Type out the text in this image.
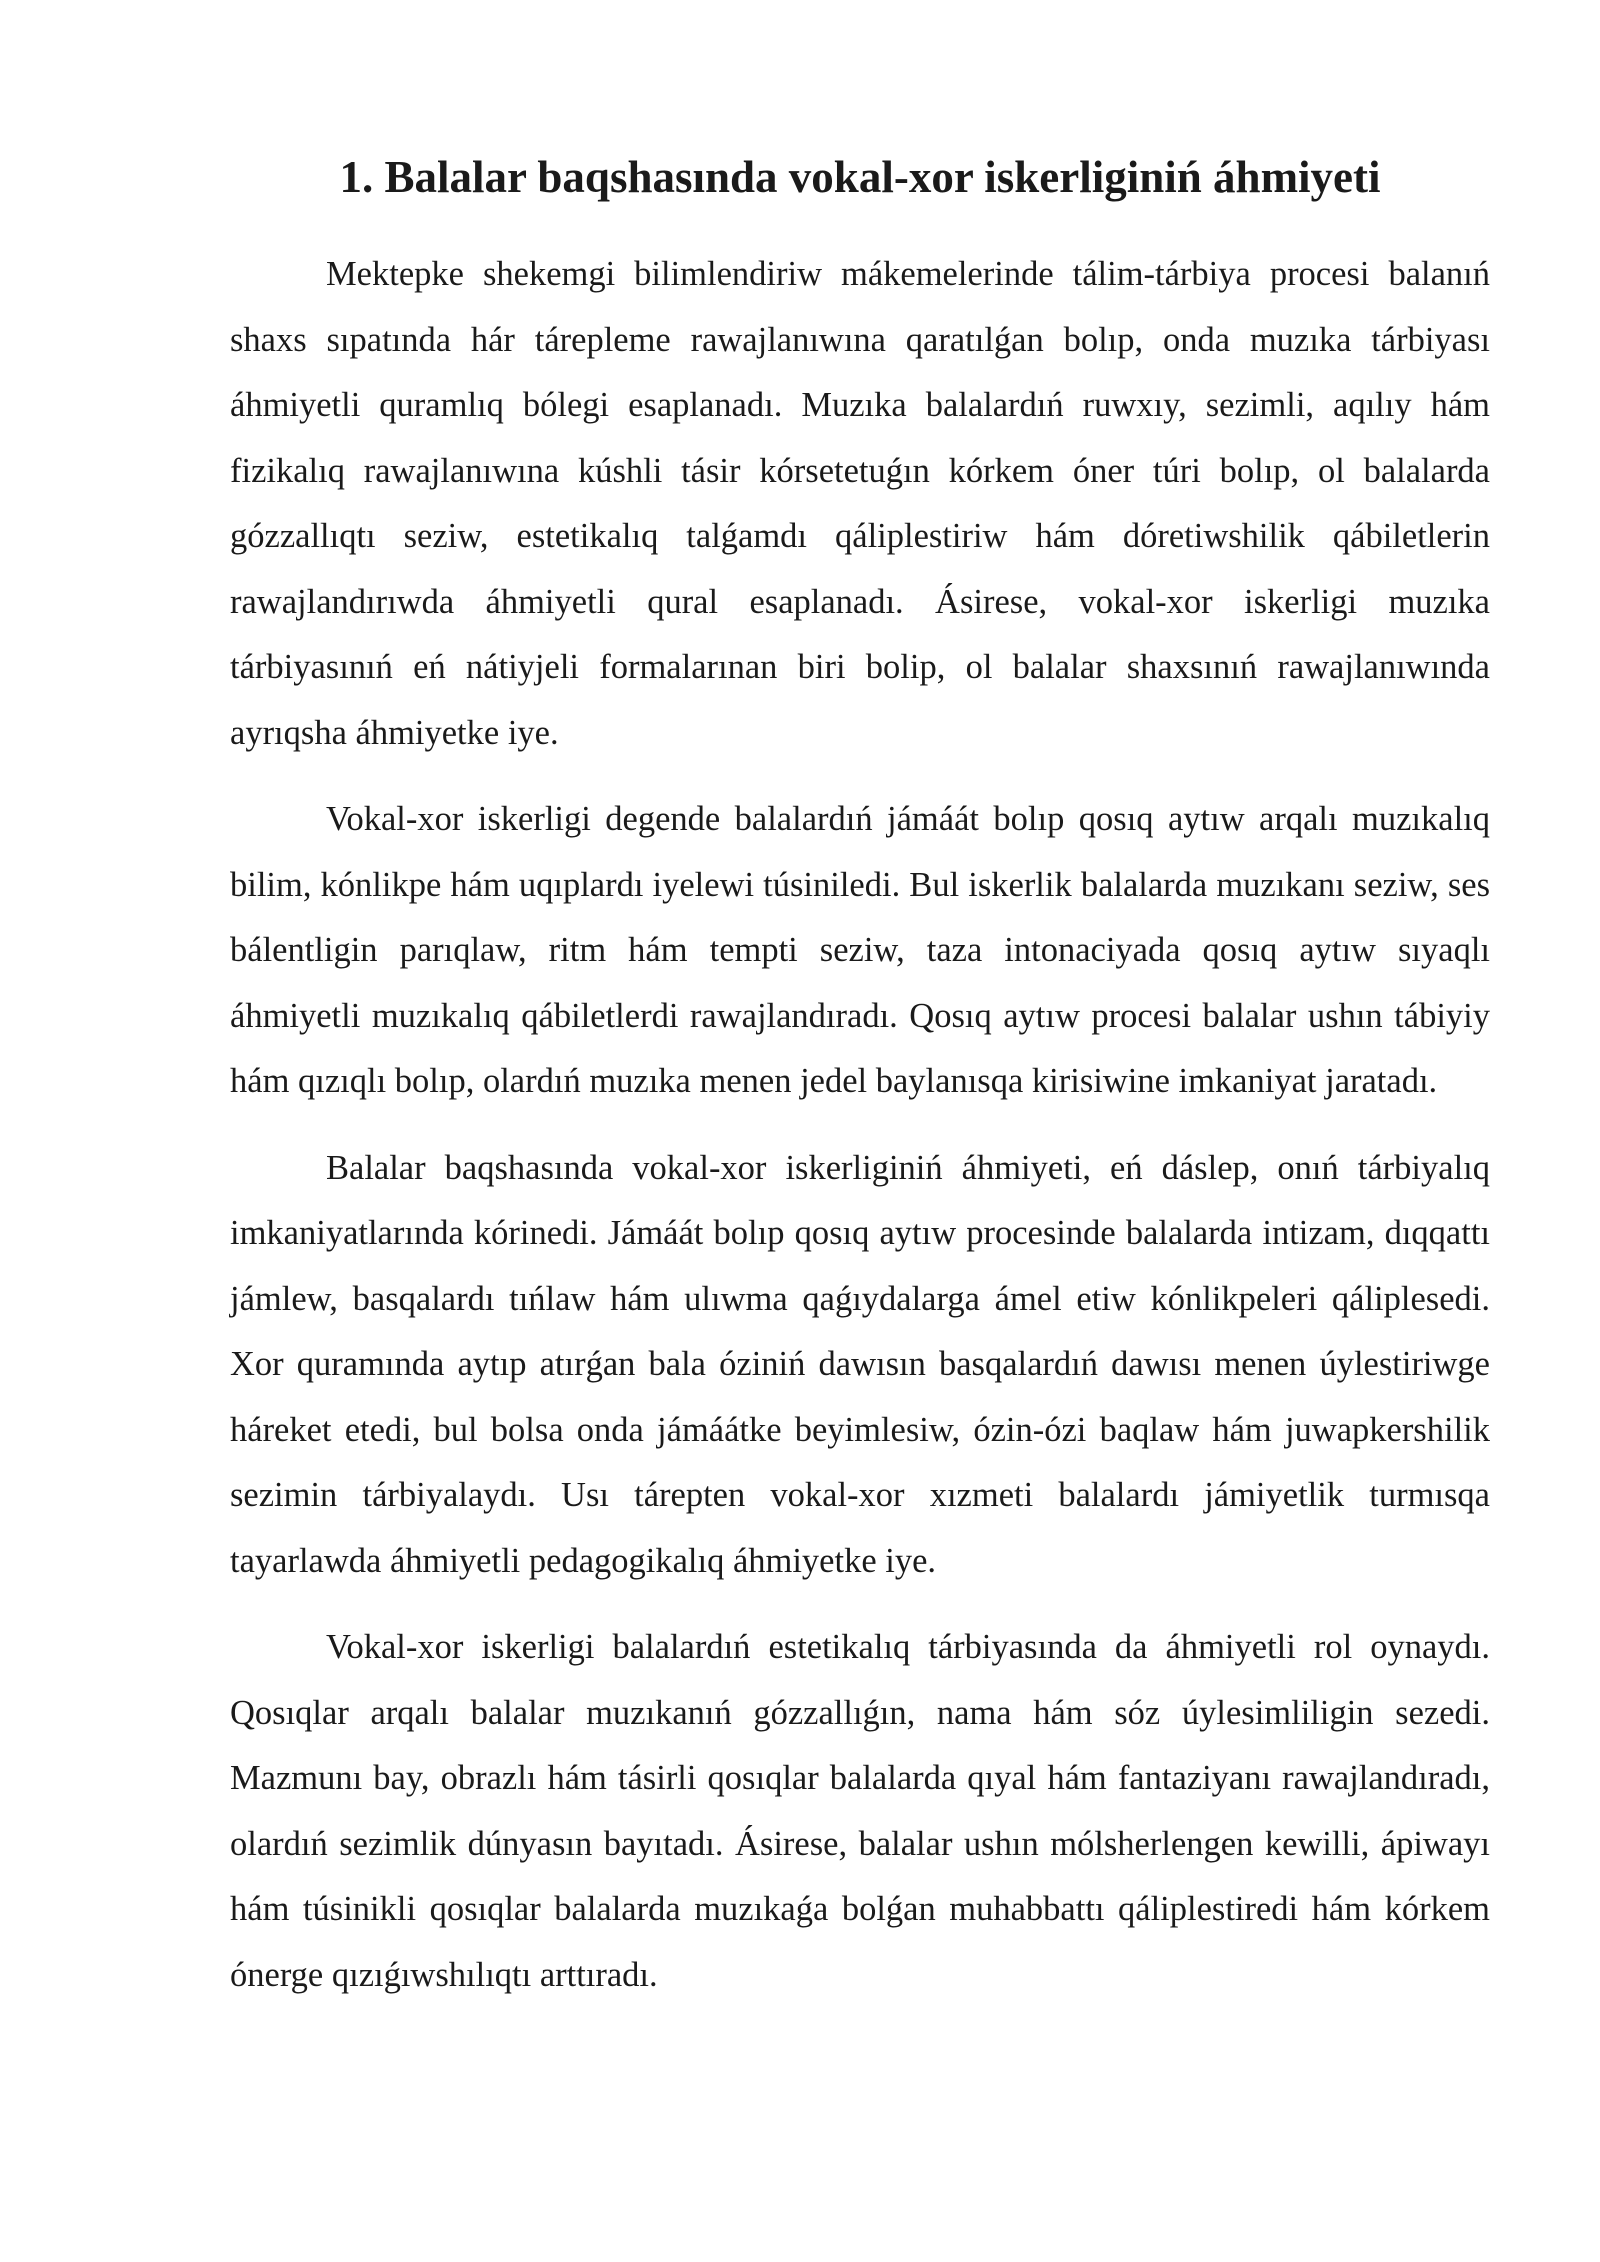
1. Balalar baqshasında vokal-xor iskerliginiń áhmiyeti

Mektepke shekemgi bilimlendiriw mákemelerinde tálim-tárbiya procesi balanıń shaxs sıpatında hár tárepleme rawajlanıwına qaratılǵan bolıp, onda muzıka tárbiyası áhmiyetli quramlıq bólegi esaplanadı. Muzıka balalardıń ruwxıy, sezimli, aqılıy hám fizikalıq rawajlanıwına kúshli tásir kórsetetuǵın kórkem óner túri bolıp, ol balalarda gózzallıqtı seziw, estetikalıq talǵamdı qáliplestiriw hám dóretiwshilik qábiletlerin rawajlandırıwda áhmiyetli qural esaplanadı. Ásirese, vokal-xor iskerligi muzıka tárbiyasınıń eń nátiyjeli formalarınan biri bolip, ol balalar shaxsınıń rawajlanıwında ayrıqsha áhmiyetke iye.

Vokal-xor iskerligi degende balalardıń jámáát bolıp qosıq aytıw arqalı muzıkalıq bilim, kónlikpe hám uqıplardı iyelewi túsiniledi. Bul iskerlik balalarda muzıkanı seziw, ses bálentligin parıqlaw, ritm hám tempti seziw, taza intonaciyada qosıq aytıw sıyaqlı áhmiyetli muzıkalıq qábiletlerdi rawajlandıradı. Qosıq aytıw procesi balalar ushın tábiyiy hám qızıqlı bolıp, olardıń muzıka menen jedel baylanısqa kirisiwine imkaniyat jaratadı.

Balalar baqshasında vokal-xor iskerliginiń áhmiyeti, eń dáslep, onıń tárbiyalıq imkaniyatlarında kórinedi. Jámáát bolıp qosıq aytıw procesinde balalarda intizam, dıqqattı jámlew, basqalardı tıńlaw hám ulıwma qaǵıydalarga ámel etiw kónlikpeleri qáliplesedi. Xor quramında aytıp atırǵan bala óziniń dawısın basqalardıń dawısı menen úylestiriwge háreket etedi, bul bolsa onda jámáátke beyimlesiw, ózin-ózi baqlaw hám juwapkershilik sezimin tárbiyalaydı. Usı tárepten vokal-xor xızmeti balalardı jámiyetlik turmısqa tayarlawda áhmiyetli pedagogikalıq áhmiyetke iye.

Vokal-xor iskerligi balalardıń estetikalıq tárbiyasında da áhmiyetli rol oynaydı. Qosıqlar arqalı balalar muzıkanıń gózzallıǵın, nama hám sóz úylesimliligin sezedi. Mazmunı bay, obrazlı hám tásirli qosıqlar balalarda qıyal hám fantaziyanı rawajlandıradı, olardıń sezimlik dúnyasın bayıtadı. Ásirese, balalar ushın mólsherlengen kewilli, ápiwayı hám túsinikli qosıqlar balalarda muzıkaǵa bolǵan muhabbattı qáliplestiredi hám kórkem ónerge qızıǵıwshılıqtı arttıradı.
